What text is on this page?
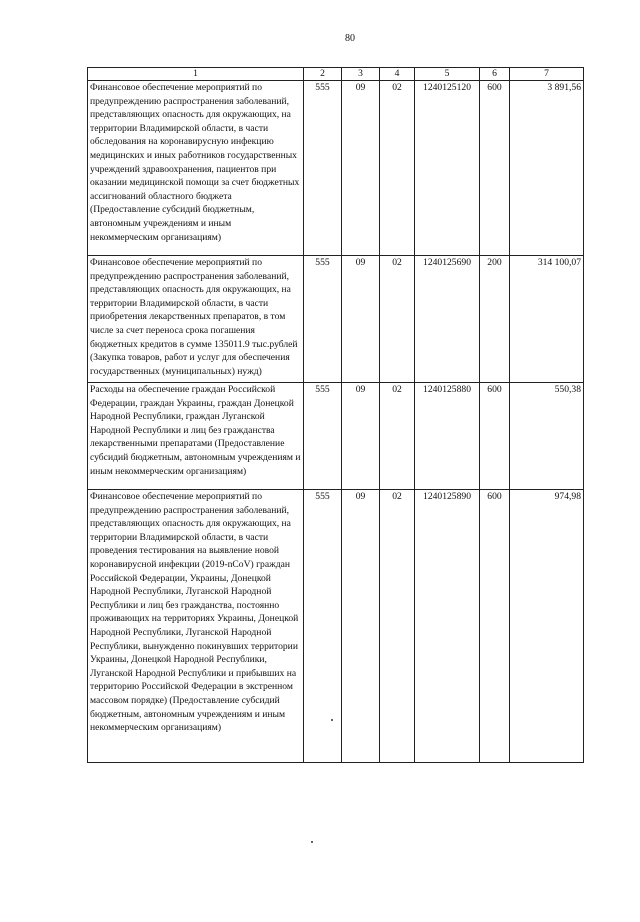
80
1	2	3	4	5	6	7
Финансовое обеспечение мероприятий по предупреждению распространения заболеваний, представляющих опасность для окружающих, на территории Владимирской области, в части обследования на коронавирусную инфекцию медицинских и иных работников государственных учреждений здравоохранения, пациентов при оказании медицинской помощи за счет бюджетных ассигнований областного бюджета (Предоставление субсидий бюджетным, автономным учреждениям и иным некоммерческим организациям)	555	09	02	1240125120	600	3 891,56
Финансовое обеспечение мероприятий по предупреждению распространения заболеваний, представляющих опасность для окружающих, на территории Владимирской области, в части приобретения лекарственных препаратов, в том числе за счет переноса срока погашения бюджетных кредитов в сумме 135011.9 тыс.рублей (Закупка товаров, работ и услуг для обеспечения государственных (муниципальных) нужд)	555	09	02	1240125690	200	314 100,07
Расходы на обеспечение граждан Российской Федерации, граждан Украины, граждан Донецкой Народной Республики, граждан Луганской Народной Республики и лиц без гражданства лекарственными препаратами (Предоставление субсидий бюджетным, автономным учреждениям и иным некоммерческим организациям)	555	09	02	1240125880	600	550,38
Финансовое обеспечение мероприятий по предупреждению распространения заболеваний, представляющих опасность для окружающих, на территории Владимирской области, в части проведения тестирования на выявление новой коронавирусной инфекции (2019-nCoV) граждан Российской Федерации, Украины, Донецкой Народной Республики, Луганской Народной Республики и лиц без гражданства, постоянно проживающих на территориях Украины, Донецкой Народной Республики, Луганской Народной Республики, вынужденно покинувших территории Украины, Донецкой Народной Республики, Луганской Народной Республики и прибывших на территорию Российской Федерации в экстренном массовом порядке) (Предоставление субсидий бюджетным, автономным учреждениям и иным некоммерческим организациям)	555	09	02	1240125890	600	974,98
